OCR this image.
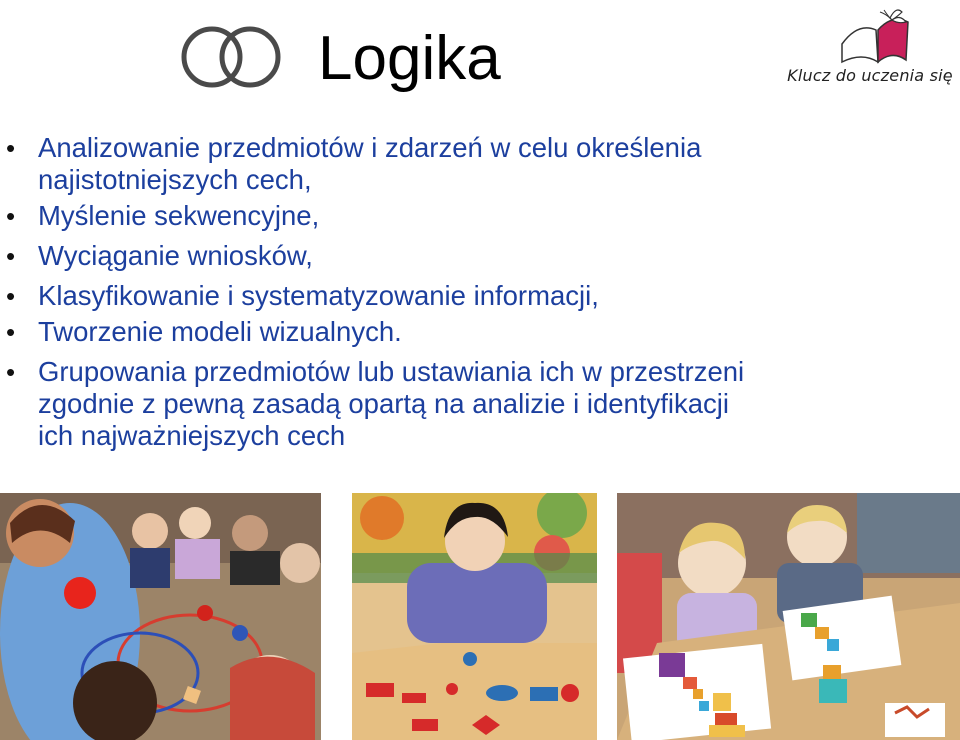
Logika	Klucz do uczenia się
• Analizowanie przedmiotów i zdarzeń w celu określenia
najistotniejszych cech,
• Myślenie sekwencyjne,
• Wyciąganie wniosków,
• Klasyfikowanie i systematyzowanie informacji,
• Tworzenie modeli wizualnych.
• Grupowania przedmiotów lub ustawiania ich w przestrzeni
zgodnie z pewną zasadą opartą na analizie i identyfikacji
ich najważniejszych cech
